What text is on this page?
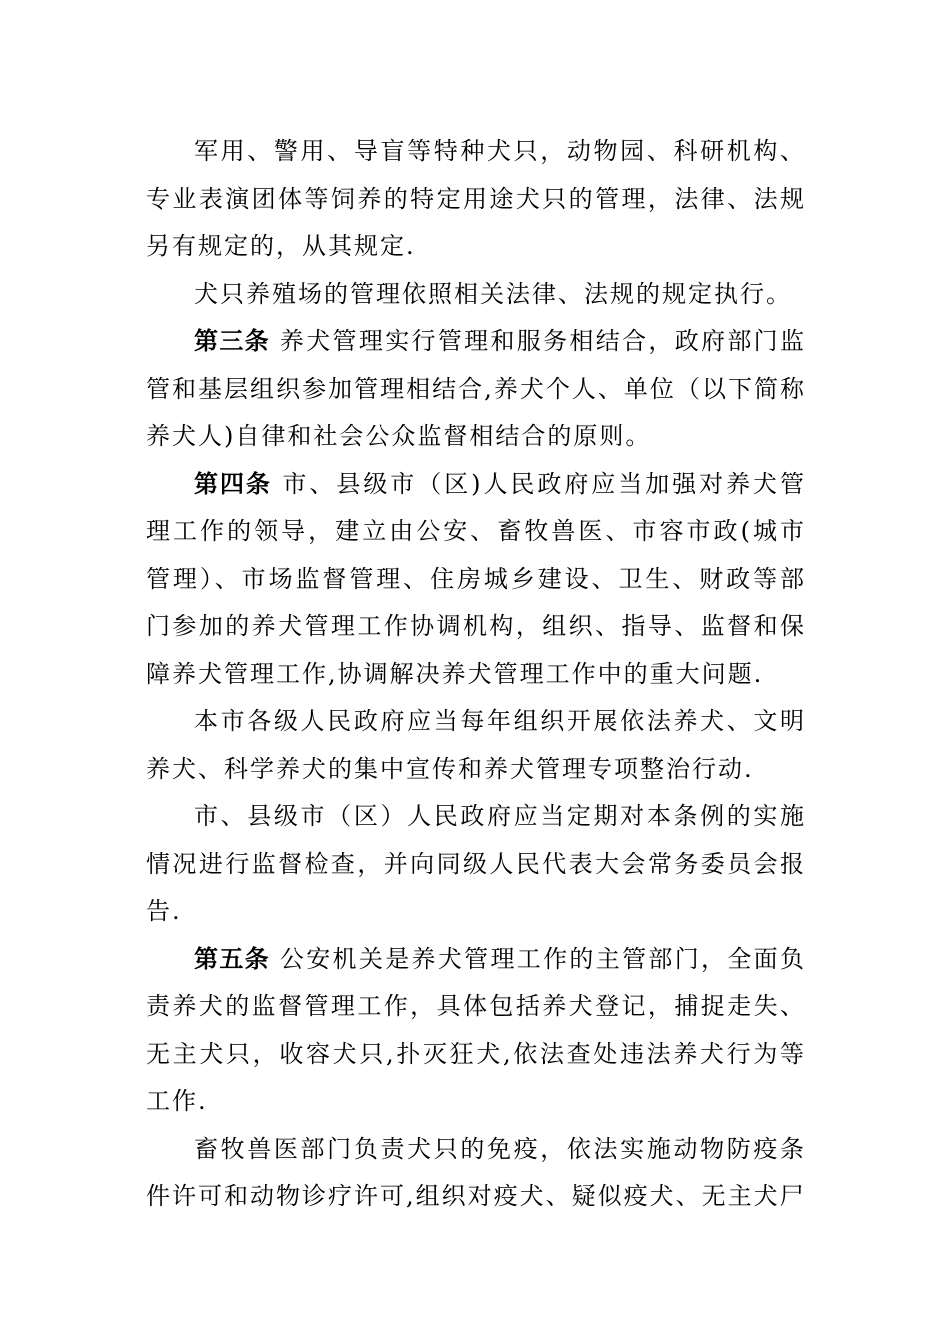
军用、警用、导盲等特种犬只，动物园、科研机构、专业表演团体等饲养的特定用途犬只的管理，法律、法规另有规定的，从其规定.

犬只养殖场的管理依照相关法律、法规的规定执行。

第三条 养犬管理实行管理和服务相结合，政府部门监管和基层组织参加管理相结合,养犬个人、单位（以下简称养犬人)自律和社会公众监督相结合的原则。

第四条 市、县级市（区)人民政府应当加强对养犬管理工作的领导，建立由公安、畜牧兽医、市容市政(城市管理）、市场监督管理、住房城乡建设、卫生、财政等部门参加的养犬管理工作协调机构，组织、指导、监督和保障养犬管理工作,协调解决养犬管理工作中的重大问题.

本市各级人民政府应当每年组织开展依法养犬、文明养犬、科学养犬的集中宣传和养犬管理专项整治行动.

市、县级市（区）人民政府应当定期对本条例的实施情况进行监督检查，并向同级人民代表大会常务委员会报告.

第五条 公安机关是养犬管理工作的主管部门，全面负责养犬的监督管理工作，具体包括养犬登记，捕捉走失、无主犬只，收容犬只,扑灭狂犬,依法查处违法养犬行为等工作.

畜牧兽医部门负责犬只的免疫，依法实施动物防疫条件许可和动物诊疗许可,组织对疫犬、疑似疫犬、无主犬尸
